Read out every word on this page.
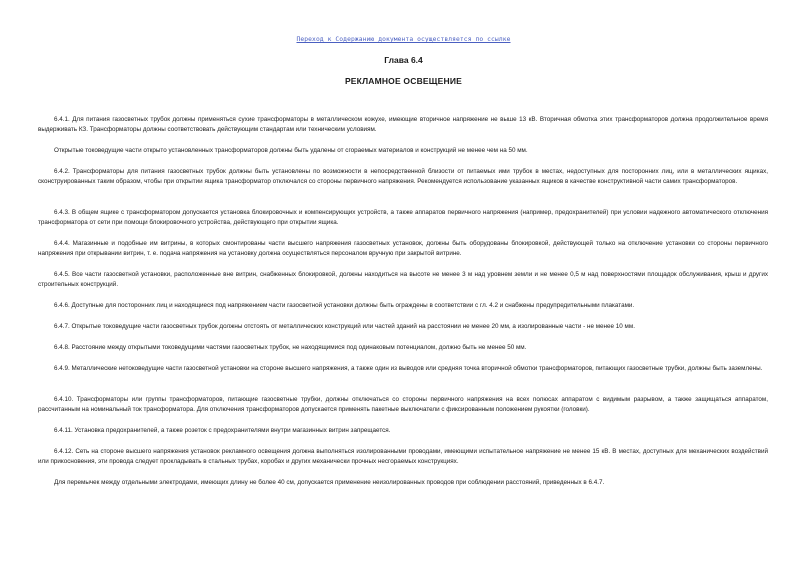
Переход к Содержанию документа осуществляется по ссылке
Глава 6.4
РЕКЛАМНОЕ ОСВЕЩЕНИЕ

6.4.1. Для питания газосветных трубок должны применяться сухие трансформаторы в металлическом кожухе, имеющие вторичное напряжение не выше 13 кВ. Вторичная обмотка этих трансформаторов должна продолжительное время выдерживать КЗ. Трансформаторы должны соответствовать действующим стандартам или техническим условиям.

Открытые токоведущие части открыто установленных трансформаторов должны быть удалены от сгораемых материалов и конструкций не менее чем на 50 мм.

6.4.2. Трансформаторы для питания газосветных трубок должны быть установлены по возможности в непосредственной близости от питаемых ими трубок в местах, недоступных для посторонних лиц, или в металлических ящиках, сконструированных таким образом, чтобы при открытии ящика трансформатор отключался со стороны первичного напряжения. Рекомендуется использование указанных ящиков в качестве конструктивной части самих трансформаторов.

6.4.3. В общем ящике с трансформатором допускается установка блокировочных и компенсирующих устройств, а также аппаратов первичного напряжения (например, предохранителей) при условии надежного автоматического отключения трансформатора от сети при помощи блокировочного устройства, действующего при открытии ящика.

6.4.4. Магазинные и подобные им витрины, в которых смонтированы части высшего напряжения газосветных установок, должны быть оборудованы блокировкой, действующей только на отключение установки со стороны первичного напряжения при открывании витрин, т. е. подача напряжения на установку должна осуществляться персоналом вручную при закрытой витрине.

6.4.5. Все части газосветной установки, расположенные вне витрин, снабженных блокировкой, должны находиться на высоте не менее 3 м над уровнем земли и не менее 0,5 м над поверхностями площадок обслуживания, крыш и других строительных конструкций.

6.4.6. Доступные для посторонних лиц и находящиеся под напряжением части газосветной установки должны быть ограждены в соответствии с гл. 4.2 и снабжены предупредительными плакатами.

6.4.7. Открытые токоведущие части газосветных трубок должны отстоять от металлических конструкций или частей зданий на расстоянии не менее 20 мм, а изолированные части - не менее 10 мм.

6.4.8. Расстояние между открытыми токоведущими частями газосветных трубок, не находящимися под одинаковым потенциалом, должно быть не менее 50 мм.

6.4.9. Металлические нетоковедущие части газосветной установки на стороне высшего напряжения, а также один из выводов или средняя точка вторичной обмотки трансформаторов, питающих газосветные трубки, должны быть заземлены.

6.4.10. Трансформаторы или группы трансформаторов, питающие газосветные трубки, должны отключаться со стороны первичного напряжения на всех полюсах аппаратом с видимым разрывом, а также защищаться аппаратом, рассчитанным на номинальный ток трансформатора. Для отключения трансформаторов допускается применять пакетные выключатели с фиксированным положением рукоятки (головки).

6.4.11. Установка предохранителей, а также розеток с предохранителями внутри магазинных витрин запрещается.

6.4.12. Сеть на стороне высшего напряжения установок рекламного освещения должна выполняться изолированными проводами, имеющими испытательное напряжение не менее 15 кВ. В местах, доступных для механических воздействий или прикосновения, эти провода следует прокладывать в стальных трубах, коробах и других механически прочных несгораемых конструкциях.

Для перемычек между отдельными электродами, имеющих длину не более 40 см, допускается применение неизолированных проводов при соблюдении расстояний, приведенных в 6.4.7.
